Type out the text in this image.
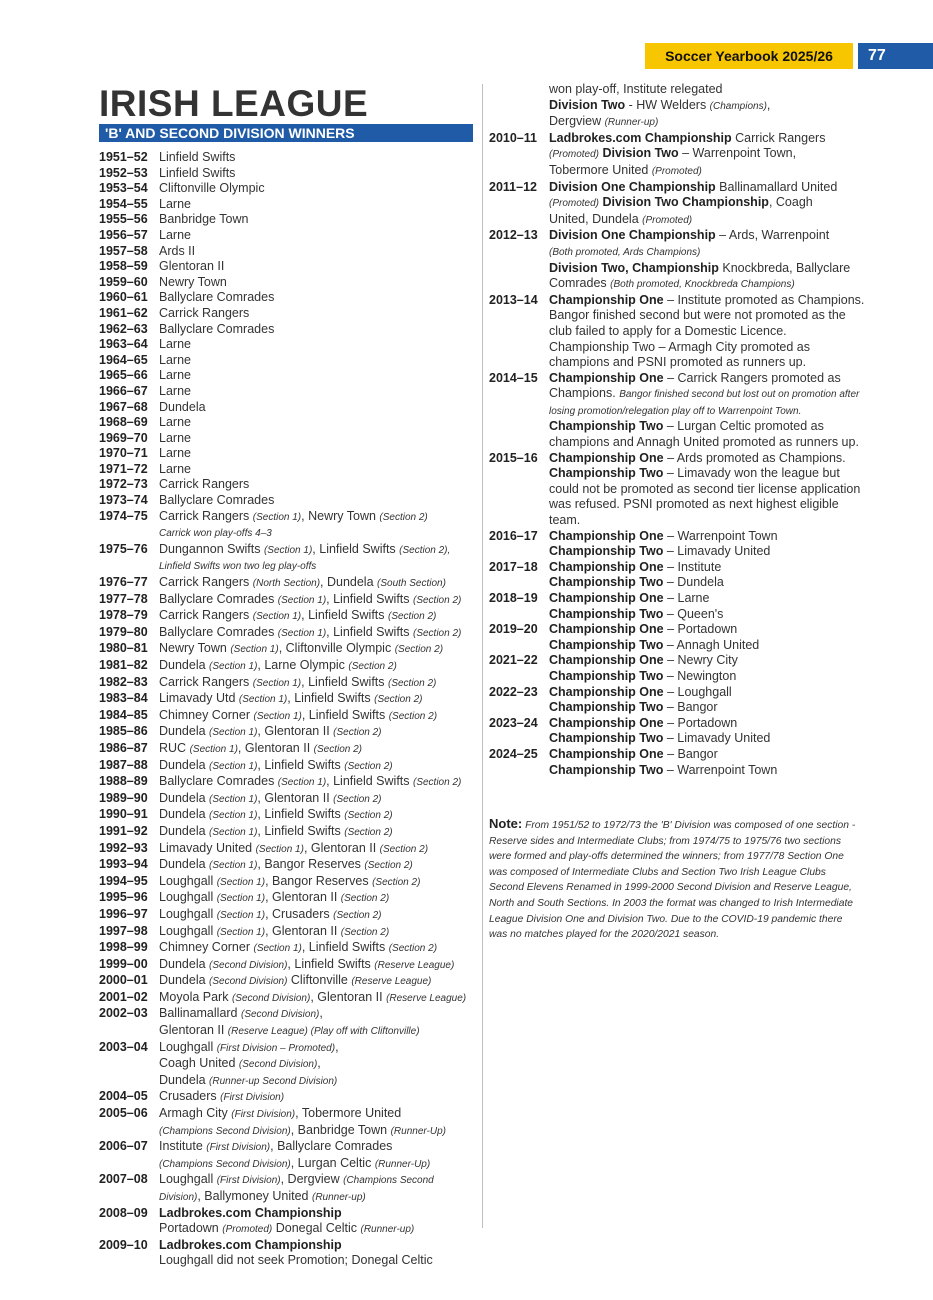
Soccer Yearbook 2025/26	77
IRISH LEAGUE
'B' AND SECOND DIVISION WINNERS
1951–52 Linfield Swifts
1952–53 Linfield Swifts
1953–54 Cliftonville Olympic
1954–55 Larne
1955–56 Banbridge Town
1956–57 Larne
1957–58 Ards II
1958–59 Glentoran II
1959–60 Newry Town
1960–61 Ballyclare Comrades
1961–62 Carrick Rangers
1962–63 Ballyclare Comrades
1963–64 Larne
1964–65 Larne
1965–66 Larne
1966–67 Larne
1967–68 Dundela
1968–69 Larne
1969–70 Larne
1970–71 Larne
1971–72 Larne
1972–73 Carrick Rangers
1973–74 Ballyclare Comrades
1974–75 Carrick Rangers (Section 1), Newry Town (Section 2)
Carrick won play-offs 4–3
1975–76 Dungannon Swifts (Section 1), Linfield Swifts (Section 2),
Linfield Swifts won two leg play-offs
1976–77 Carrick Rangers (North Section), Dundela (South Section)
1977–78 Ballyclare Comrades (Section 1), Linfield Swifts (Section 2)
1978–79 Carrick Rangers (Section 1), Linfield Swifts (Section 2)
1979–80 Ballyclare Comrades (Section 1), Linfield Swifts (Section 2)
1980–81 Newry Town (Section 1), Cliftonville Olympic (Section 2)
1981–82 Dundela (Section 1), Larne Olympic (Section 2)
1982–83 Carrick Rangers (Section 1), Linfield Swifts (Section 2)
1983–84 Limavady Utd (Section 1), Linfield Swifts (Section 2)
1984–85 Chimney Corner (Section 1), Linfield Swifts (Section 2)
1985–86 Dundela (Section 1), Glentoran II (Section 2)
1986–87 RUC (Section 1), Glentoran II (Section 2)
1987–88 Dundela (Section 1), Linfield Swifts (Section 2)
1988–89 Ballyclare Comrades (Section 1), Linfield Swifts (Section 2)
1989–90 Dundela (Section 1), Glentoran II (Section 2)
1990–91 Dundela (Section 1), Linfield Swifts (Section 2)
1991–92 Dundela (Section 1), Linfield Swifts (Section 2)
1992–93 Limavady United (Section 1), Glentoran II (Section 2)
1993–94 Dundela (Section 1), Bangor Reserves (Section 2)
1994–95 Loughgall (Section 1), Bangor Reserves (Section 2)
1995–96 Loughgall (Section 1), Glentoran II (Section 2)
1996–97 Loughgall (Section 1), Crusaders (Section 2)
1997–98 Loughgall (Section 1), Glentoran II (Section 2)
1998–99 Chimney Corner (Section 1), Linfield Swifts (Section 2)
1999–00 Dundela (Second Division), Linfield Swifts (Reserve League)
2000–01 Dundela (Second Division) Cliftonville (Reserve League)
2001–02 Moyola Park (Second Division), Glentoran II (Reserve League)
2002–03 Ballinamallard (Second Division),
Glentoran II (Reserve League) (Play off with Cliftonville)
2003–04 Loughgall (First Division – Promoted),
Coagh United (Second Division),
Dundela (Runner-up Second Division)
2004–05 Crusaders (First Division)
2005–06 Armagh City (First Division), Tobermore United
(Champions Second Division), Banbridge Town (Runner-Up)
2006–07 Institute (First Division), Ballyclare Comrades
(Champions Second Division), Lurgan Celtic (Runner-Up)
2007–08 Loughgall (First Division), Dergview (Champions Second
Division), Ballymoney United (Runner-up)
2008–09 Ladbrokes.com Championship
Portadown (Promoted) Donegal Celtic (Runner-up)
2009–10 Ladbrokes.com Championship
Loughgall did not seek Promotion; Donegal Celtic
won play-off, Institute relegated
Division Two - HW Welders (Champions),
Dergview (Runner-up)
2010–11 Ladbrokes.com Championship Carrick Rangers
(Promoted) Division Two – Warrenpoint Town,
Tobermore United (Promoted)
2011–12 Division One Championship Ballinamallard United
(Promoted) Division Two Championship, Coagh
United, Dundela (Promoted)
2012–13 Division One Championship – Ards, Warrenpoint
(Both promoted, Ards Champions)
Division Two, Championship Knockbreda, Ballyclare
Comrades (Both promoted, Knockbreda Champions)
2013–14 Championship One – Institute promoted as Champions. Bangor finished second but were not promoted as the club failed to apply for a Domestic Licence. Championship Two – Armagh City promoted as champions and PSNI promoted as runners up.
2014–15 Championship One – Carrick Rangers promoted as Champions. Bangor finished second but lost out on promotion after losing promotion/relegation play off to Warrenpoint Town.
Championship Two – Lurgan Celtic promoted as champions and Annagh United promoted as runners up.
2015–16 Championship One – Ards promoted as Champions.
Championship Two – Limavady won the league but could not be promoted as second tier license application was refused. PSNI promoted as next highest eligible team.
2016–17 Championship One – Warrenpoint Town
Championship Two – Limavady United
2017–18 Championship One – Institute
Championship Two – Dundela
2018–19 Championship One – Larne
Championship Two – Queen's
2019–20 Championship One – Portadown
Championship Two – Annagh United
2021–22 Championship One – Newry City
Championship Two – Newington
2022–23 Championship One – Loughgall
Championship Two – Bangor
2023–24 Championship One – Portadown
Championship Two – Limavady United
2024–25 Championship One – Bangor
Championship Two – Warrenpoint Town
Note: From 1951/52 to 1972/73 the 'B' Division was composed of one section - Reserve sides and Intermediate Clubs; from 1974/75 to 1975/76 two sections were formed and play-offs determined the winners; from 1977/78 Section One was composed of Intermediate Clubs and Section Two Irish League Clubs Second Elevens Renamed in 1999-2000 Second Division and Reserve League, North and South Sections. In 2003 the format was changed to Irish Intermediate League Division One and Division Two. Due to the COVID-19 pandemic there was no matches played for the 2020/2021 season.
